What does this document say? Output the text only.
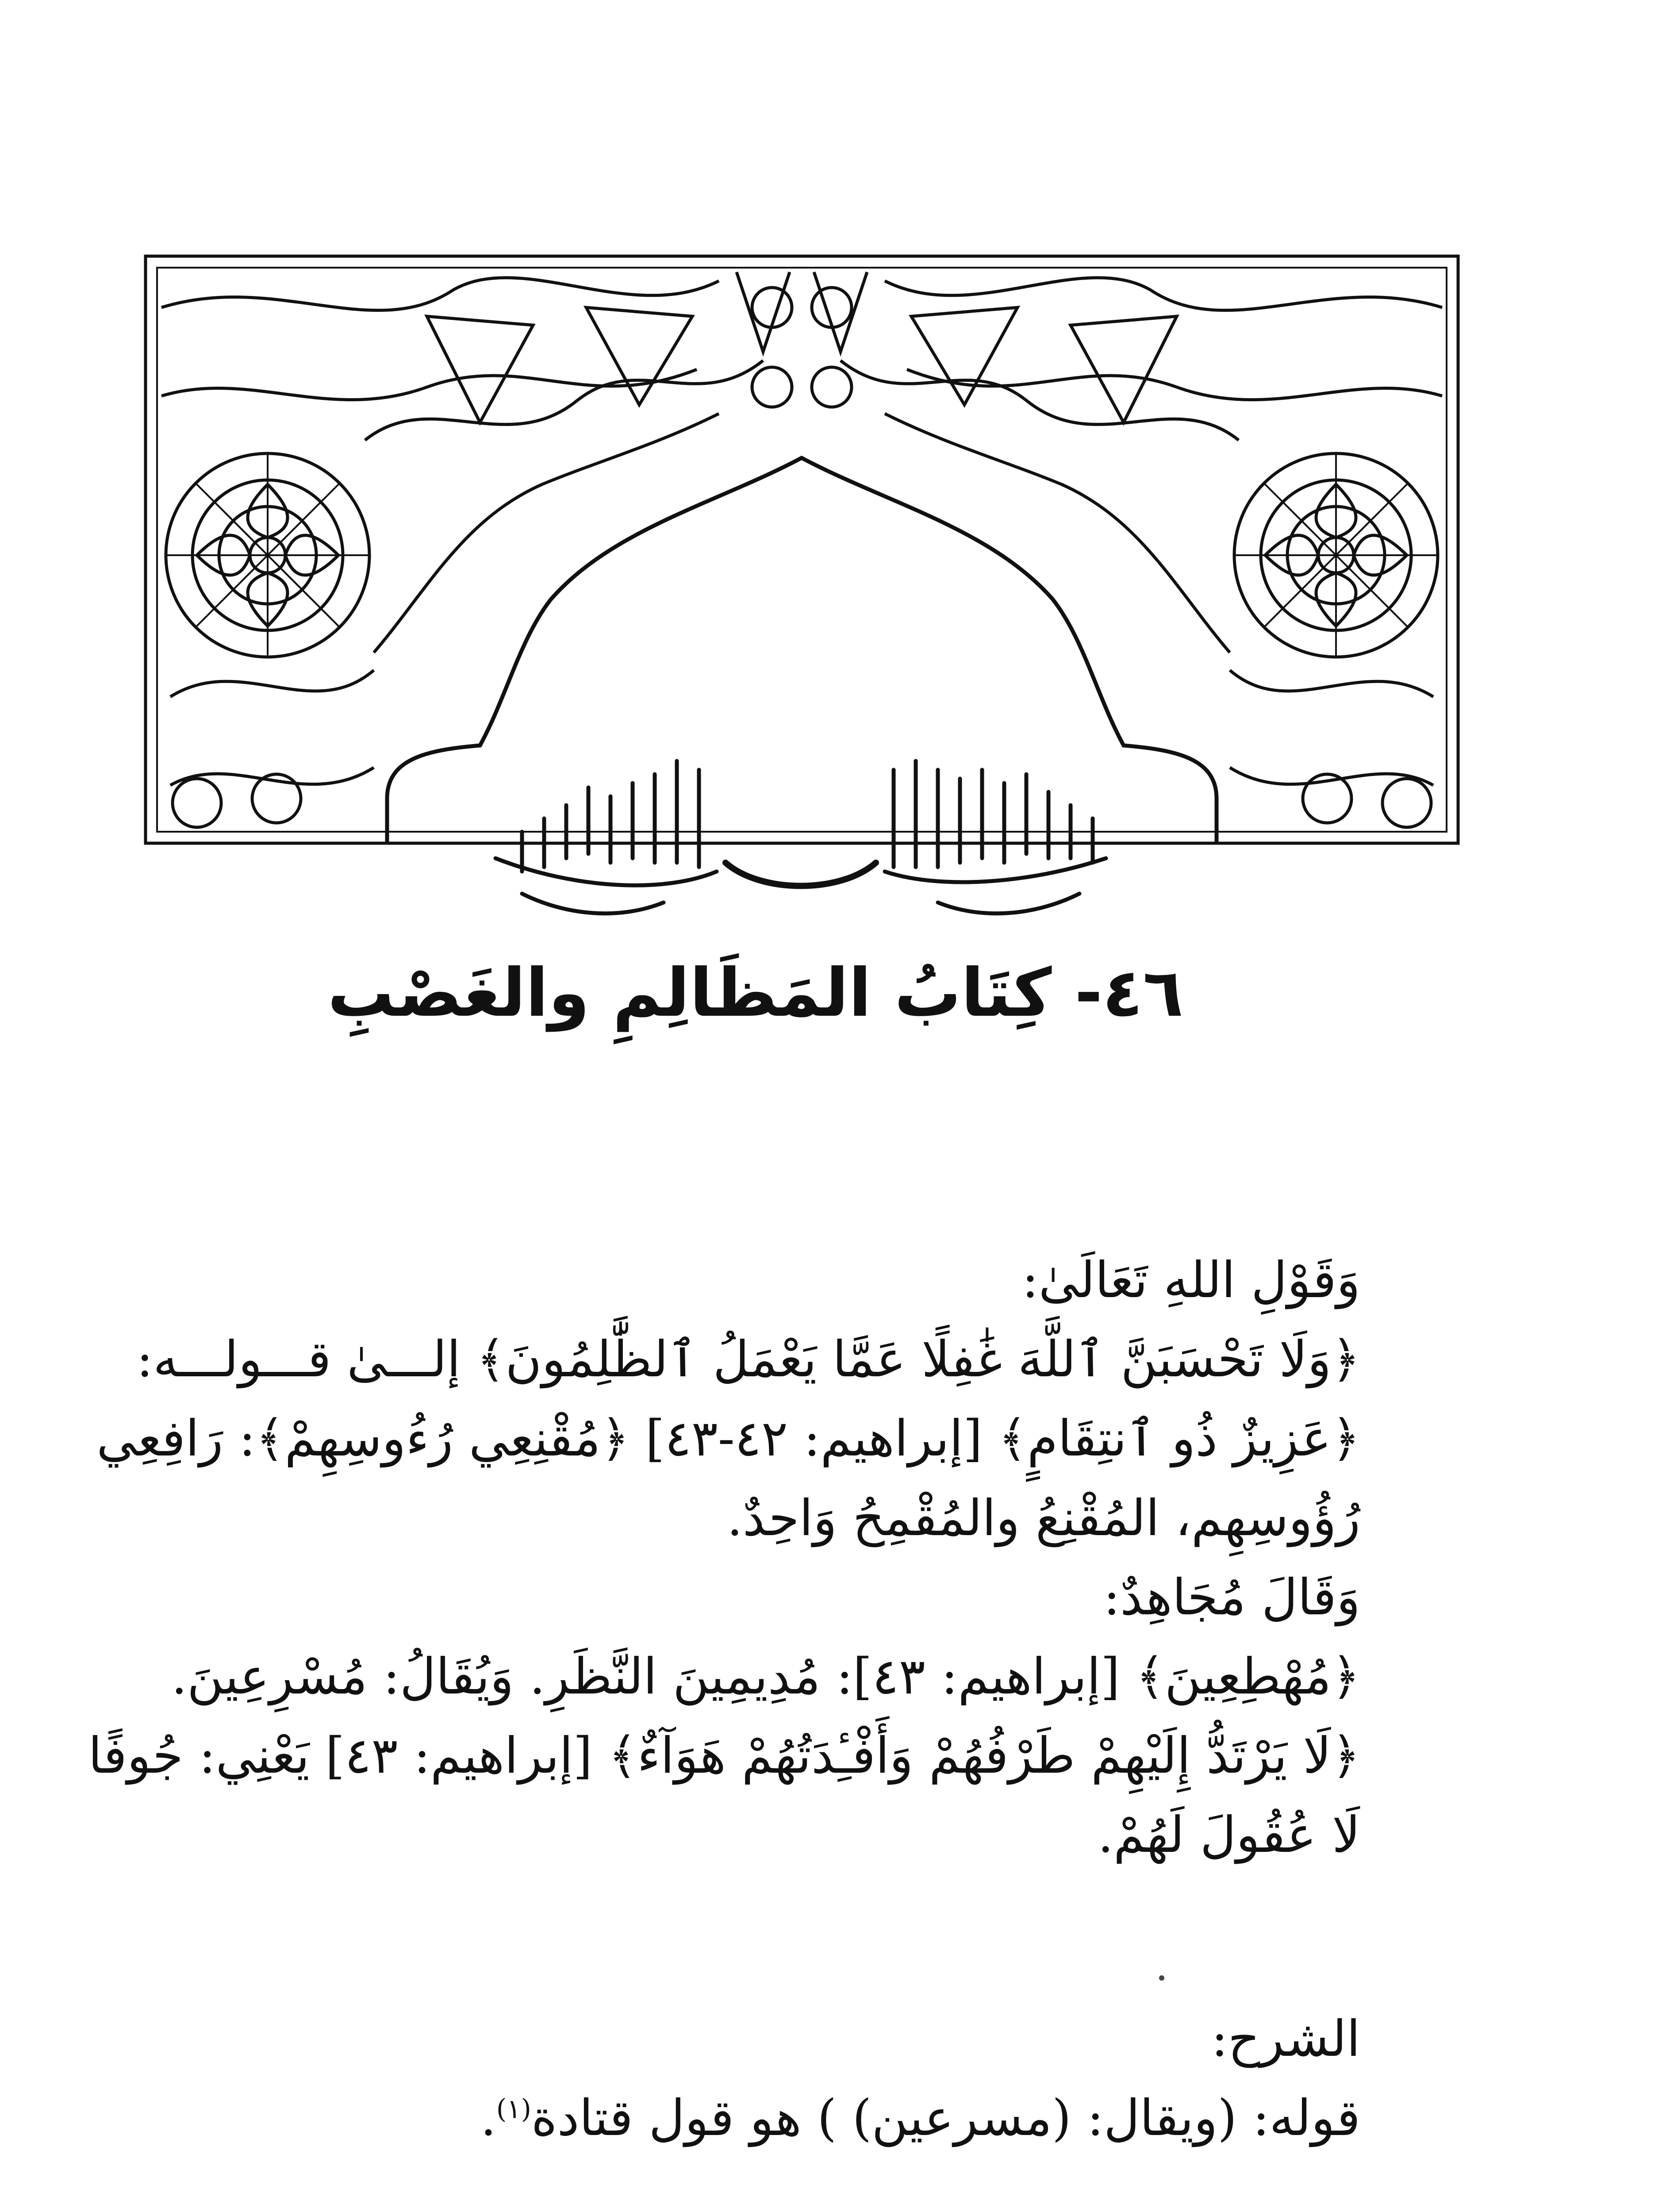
٤٦- كِتَابُ المَظَالِمِ والغَصْبِ
وَقَوْلِ اللهِ تَعَالَىٰ:
﴿وَلَا تَحْسَبَنَّ ٱللَّهَ غَٰفِلًا عَمَّا يَعْمَلُ ٱلظَّٰلِمُونَ﴾ إلـــىٰ قـــولـــه:
﴿عَزِيزٌ ذُو ٱنتِقَامٍ﴾ [إبراهيم: ٤٢-٤٣] ﴿مُقْنِعِي رُءُوسِهِمْ﴾: رَافِعِي
رُؤُوسِهِم، المُقْنِعُ والمُقْمِحُ وَاحِدٌ.
وَقَالَ مُجَاهِدٌ:
﴿مُهْطِعِينَ﴾ [إبراهيم: ٤٣]: مُدِيمِينَ النَّظَرِ. وَيُقَالُ: مُسْرِعِينَ.
﴿لَا يَرْتَدُّ إِلَيْهِمْ طَرْفُهُمْ وَأَفْـِٔدَتُهُمْ هَوَآءٌ﴾ [إبراهيم: ٤٣] يَعْنِي: جُوفًا
لَا عُقُولَ لَهُمْ.
الشرح:
قوله: (ويقال: (مسرعين) ) هو قول قتادة$^{(١)}$.
